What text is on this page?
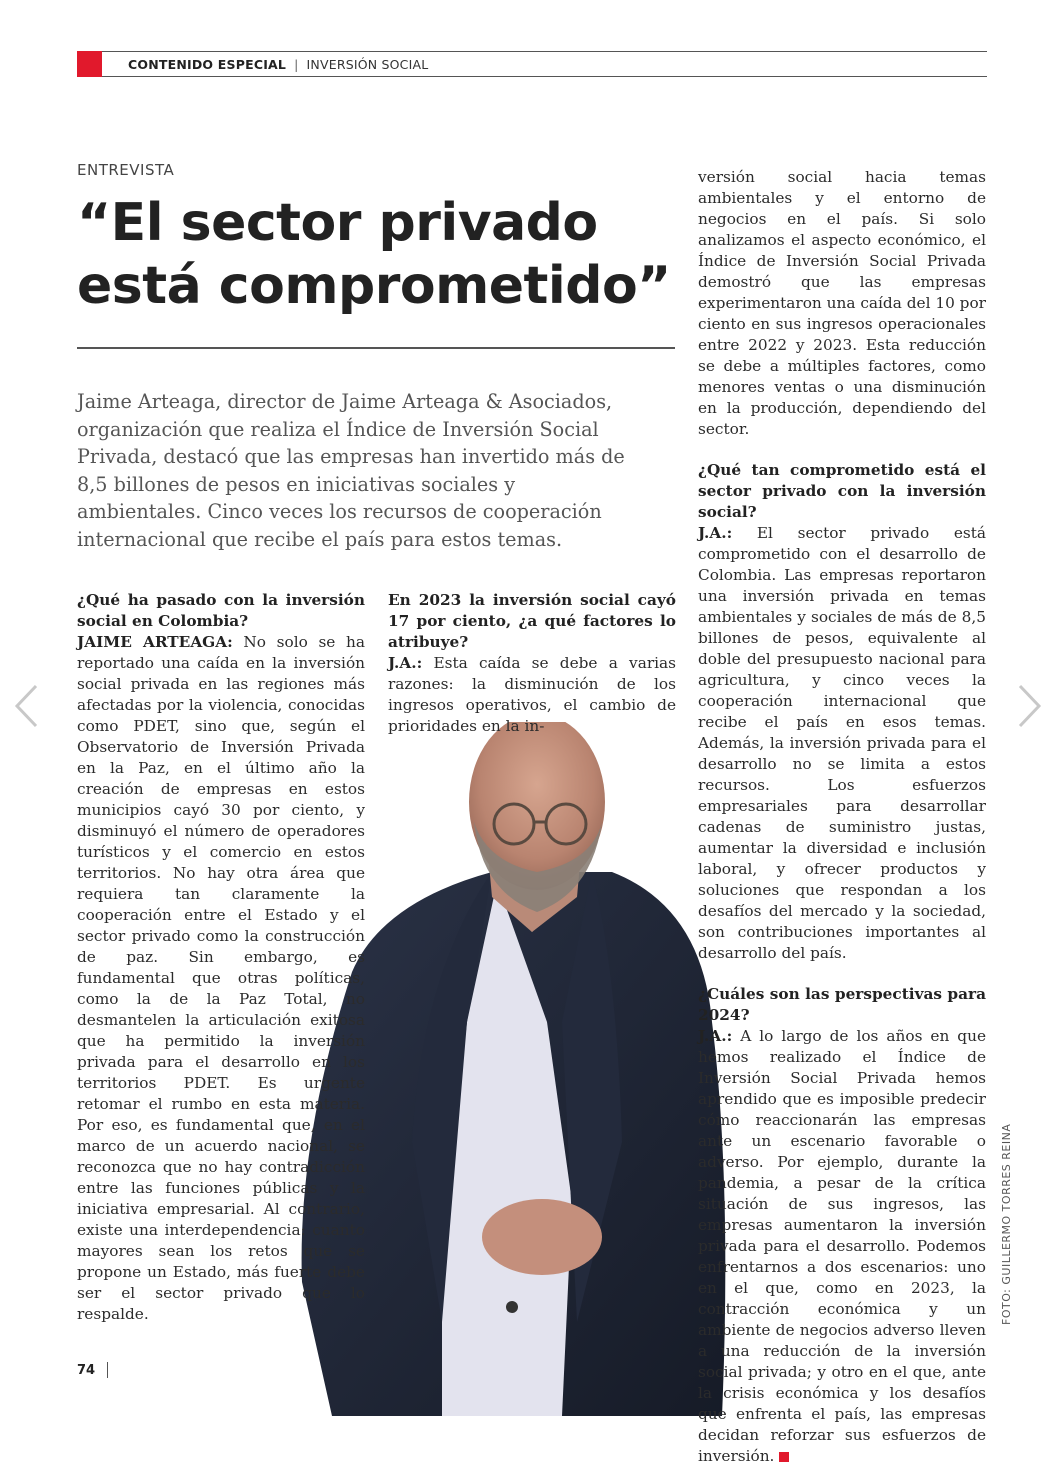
CONTENIDO ESPECIAL | INVERSIÓN SOCIAL
ENTREVISTA
“El sector privado
está comprometido”
Jaime Arteaga, director de Jaime Arteaga & Asociados, organización que realiza el Índice de Inversión Social Privada, destacó que las empresas han invertido más de 8,5 billones de pesos en iniciativas sociales y ambientales. Cinco veces los recursos de cooperación internacional que recibe el país para estos temas.

¿Qué ha pasado con la inversión social en Colombia?

JAIME ARTEAGA: No solo se ha reportado una caída en la inversión social privada en las regiones más afectadas por la violencia, conocidas como PDET, sino que, según el Observatorio de Inversión Privada en la Paz, en el último año la creación de empresas en estos municipios cayó 30 por ciento, y disminuyó el número de operadores turísticos y el comercio en estos territorios. No hay otra área que requiera tan claramente la cooperación entre el Estado y el sector privado como la construcción de paz. Sin embargo, es fundamental que otras políticas, como la de la Paz Total, no desmantelen la articulación exitosa que ha permitido la inversión privada para el desarrollo en los territorios PDET. Es urgente retomar el rumbo en esta materia. Por eso, es fundamental que, en el marco de un acuerdo nacional, se reconozca que no hay contradicción entre las funciones públicas y la iniciativa empresarial. Al contrario, existe una interdependencia: cuanto mayores sean los retos que se propone un Estado, más fuerte debe ser el sector privado que lo respalde.

En 2023 la inversión social cayó 17 por ciento, ¿a qué factores lo atribuye?

J.A.: Esta caída se debe a varias razones: la disminución de los ingresos operativos, el cambio de prioridades en la in-

versión social hacia temas ambientales y el entorno de negocios en el país. Si solo analizamos el aspecto económico, el Índice de Inversión Social Privada demostró que las empresas experimentaron una caída del 10 por ciento en sus ingresos operacionales entre 2022 y 2023. Esta reducción se debe a múltiples factores, como menores ventas o una disminución en la producción, dependiendo del sector.

¿Qué tan comprometido está el sector privado con la inversión social?

J.A.: El sector privado está comprometido con el desarrollo de Colombia. Las empresas reportaron una inversión privada en temas ambientales y sociales de más de 8,5 billones de pesos, equivalente al doble del presupuesto nacional para agricultura, y cinco veces la cooperación internacional que recibe el país en esos temas. Además, la inversión privada para el desarrollo no se limita a estos recursos. Los esfuerzos empresariales para desarrollar cadenas de suministro justas, aumentar la diversidad e inclusión laboral, y ofrecer productos y soluciones que respondan a los desafíos del mercado y la sociedad, son contribuciones importantes al desarrollo del país.

¿Cuáles son las perspectivas para 2024?

J.A.: A lo largo de los años en que hemos realizado el Índice de Inversión Social Privada hemos aprendido que es imposible predecir cómo reaccionarán las empresas ante un escenario favorable o adverso. Por ejemplo, durante la pandemia, a pesar de la crítica situación de sus ingresos, las empresas aumentaron la inversión privada para el desarrollo. Podemos enfrentarnos a dos escenarios: uno en el que, como en 2023, la contracción económica y un ambiente de negocios adverso lleven a una reducción de la inversión social privada; y otro en el que, ante la crisis económica y los desafíos que enfrenta el país, las empresas decidan reforzar sus esfuerzos de inversión.

FOTO: GUILLERMO TORRES REINA
74
